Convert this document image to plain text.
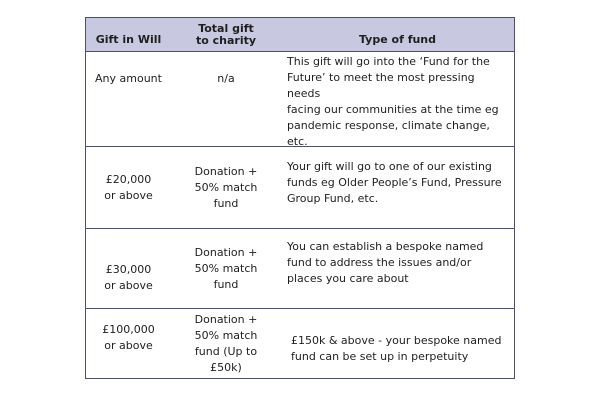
Gift in Will
Total gift
to charity	Type of fund
Any amount	n/a
This gift will go into the ‘Fund for the
Future’ to meet the most pressing needs
facing our communities at the time eg
pandemic response, climate change, etc.
£20,000
or above
Donation +
50% match
fund
Your gift will go to one of our existing
funds eg Older People’s Fund, Pressure
Group Fund, etc.
£30,000
or above
Donation +
50% match
fund
You can establish a bespoke named
fund to address the issues and/or
places you care about
£100,000
or above
Donation +
50% match
fund (Up to
£50k)
£150k & above - your bespoke named
fund can be set up in perpetuity
